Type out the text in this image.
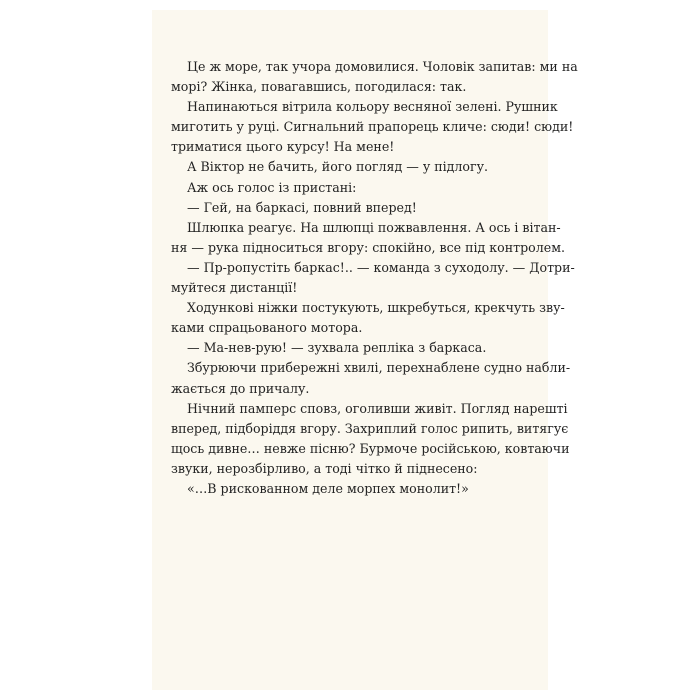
Це ж море, так учора домовилися. Чоловік запитав: ми на
морі? Жінка, повагавшись, погодилася: так.

Напинаються вітрила кольору весняної зелені. Рушник
миготить у руці. Сигнальний прапорець кличе: сюди! сюди!
триматися цього курсу! На мене!

А Віктор не бачить, його погляд — у підлогу.

Аж ось голос із пристані:

— Гей, на баркасі, повний вперед!

Шлюпка реагує. На шлюпці пожвавлення. А ось і вітан-
ня — рука підноситься вгору: спокійно, все під контролем.

— Пр-ропустіть баркас!.. — команда з суходолу. — Дотри-
муйтеся дистанції!

Ходункові ніжки постукують, шкребуться, крекчуть зву-
ками спрацьованого мотора.

— Ма-нев-рую! — зухвала репліка з баркаса.

Збурюючи прибережні хвилі, перехнаблене судно набли-
жається до причалу.

Нічний памперс сповз, оголивши живіт. Погляд нарешті
вперед, підборіддя вгору. Захриплий голос рипить, витягує
щось дивне… невже пісню? Бурмоче російською, ковтаючи
звуки, нерозбірливо, а тоді чітко й піднесено:

«…В рискованном деле морпех монолит!»
